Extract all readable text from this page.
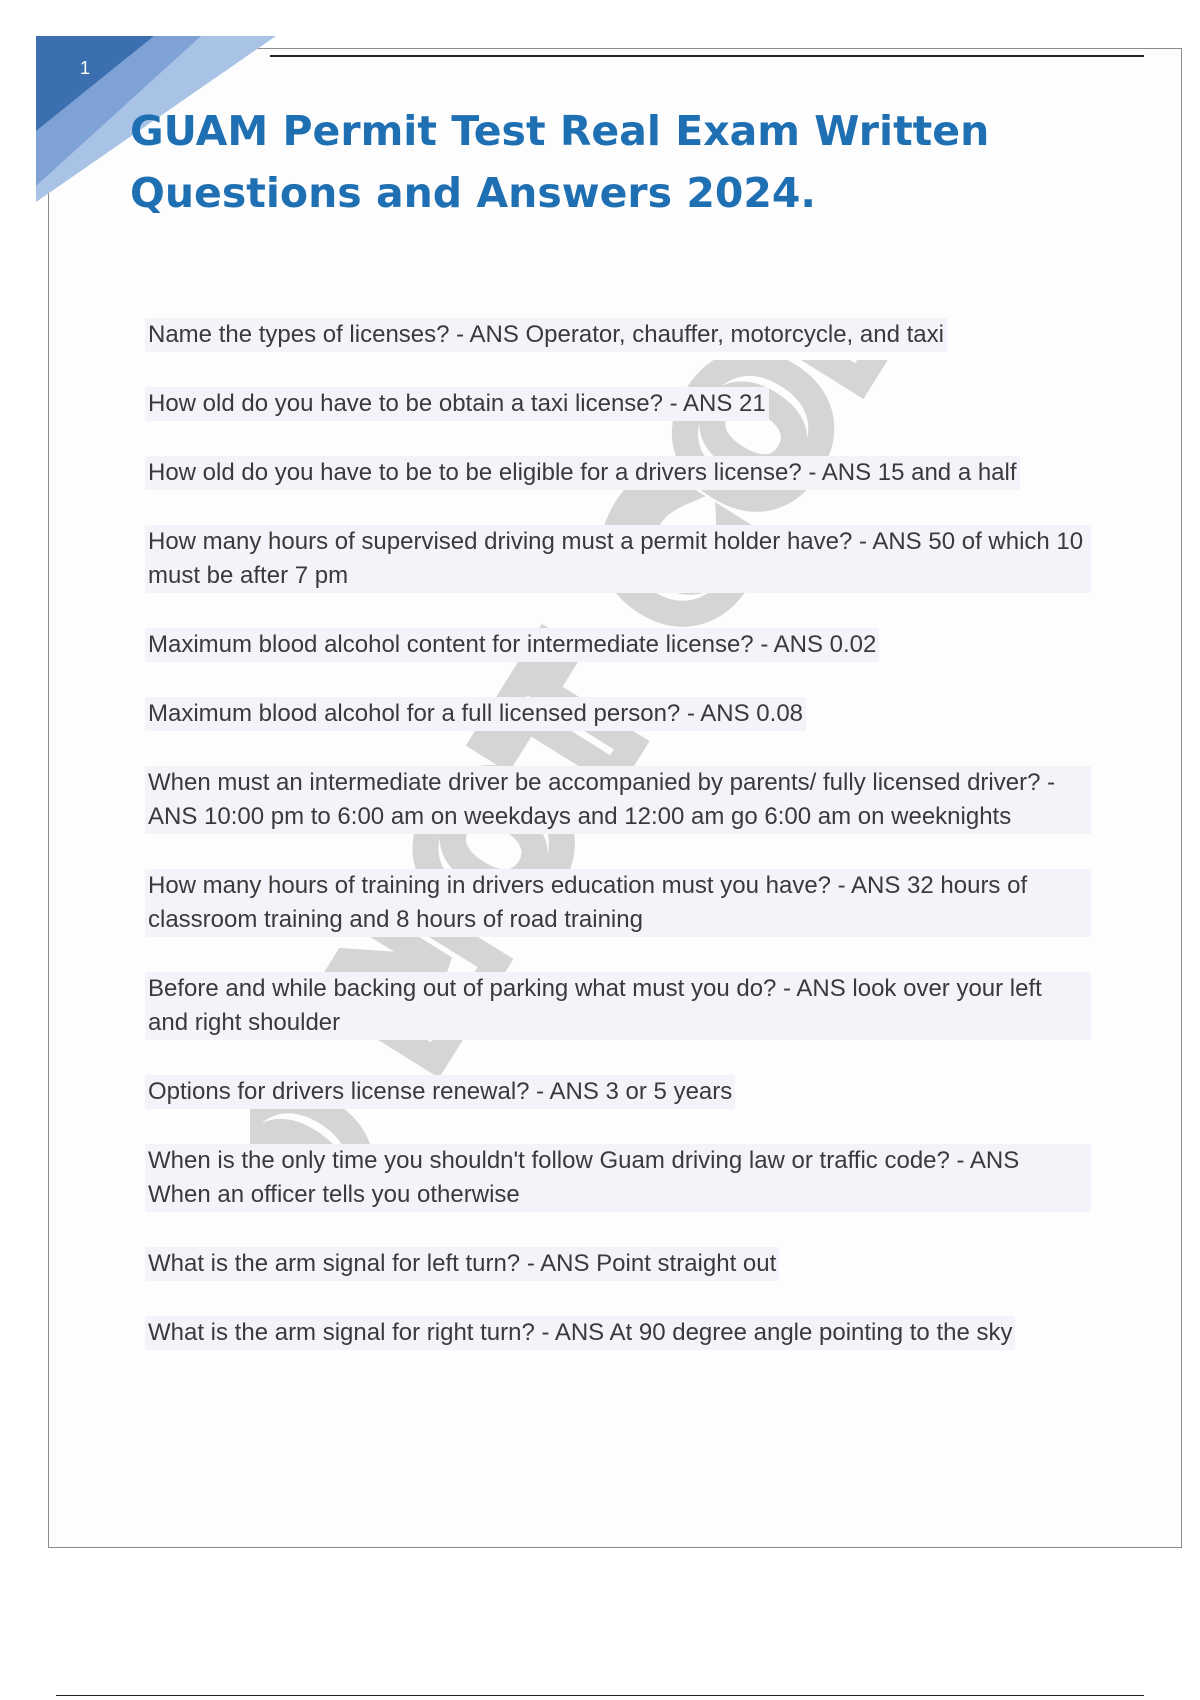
1
GUAM Permit Test Real Exam Written
Questions and Answers 2024.
Name the types of licenses? - ANS Operator, chauffer, motorcycle, and taxi
How old do you have to be obtain a taxi license? - ANS 21
How old do you have to be to be eligible for a drivers license? - ANS 15 and a half
How many hours of supervised driving must a permit holder have? - ANS 50 of which 10 must be after 7 pm
Maximum blood alcohol content for intermediate license? - ANS 0.02
Maximum blood alcohol for a full licensed person? - ANS 0.08
When must an intermediate driver be accompanied by parents/ fully licensed driver? - ANS 10:00 pm to 6:00 am on weekdays and 12:00 am go 6:00 am on weeknights
How many hours of training in drivers education must you have? - ANS 32 hours of classroom training and 8 hours of road training
Before and while backing out of parking what must you do? - ANS look over your left and right shoulder
Options for drivers license renewal? - ANS 3 or 5 years
When is the only time you shouldn't follow Guam driving law or traffic code? - ANS When an officer tells you otherwise
What is the arm signal for left turn? - ANS Point straight out
What is the arm signal for right turn? - ANS At 90 degree angle pointing to the sky
